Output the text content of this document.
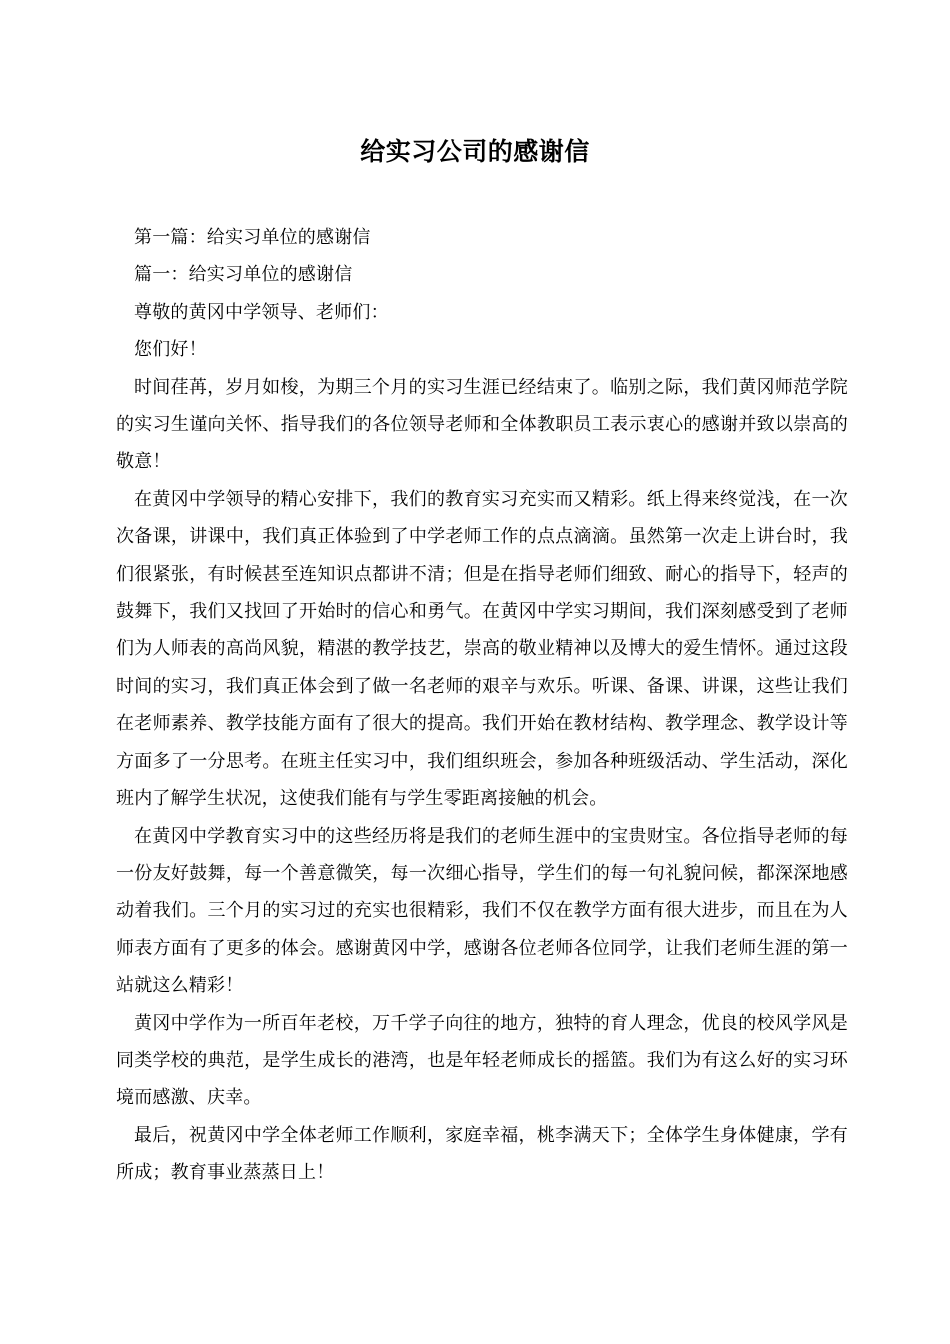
给实习公司的感谢信

第一篇：给实习单位的感谢信

篇一：给实习单位的感谢信

尊敬的黄冈中学领导、老师们：

您们好！

时间荏苒，岁月如梭，为期三个月的实习生涯已经结束了。临别之际，我们黄冈师范学院的实习生谨向关怀、指导我们的各位领导老师和全体教职员工表示衷心的感谢并致以崇高的敬意！

在黄冈中学领导的精心安排下，我们的教育实习充实而又精彩。纸上得来终觉浅，在一次次备课，讲课中，我们真正体验到了中学老师工作的点点滴滴。虽然第一次走上讲台时，我们很紧张，有时候甚至连知识点都讲不清；但是在指导老师们细致、耐心的指导下，轻声的鼓舞下，我们又找回了开始时的信心和勇气。在黄冈中学实习期间，我们深刻感受到了老师们为人师表的高尚风貌，精湛的教学技艺，崇高的敬业精神以及博大的爱生情怀。通过这段时间的实习，我们真正体会到了做一名老师的艰辛与欢乐。听课、备课、讲课，这些让我们在老师素养、教学技能方面有了很大的提高。我们开始在教材结构、教学理念、教学设计等方面多了一分思考。在班主任实习中，我们组织班会，参加各种班级活动、学生活动，深化班内了解学生状况，这使我们能有与学生零距离接触的机会。

在黄冈中学教育实习中的这些经历将是我们的老师生涯中的宝贵财宝。各位指导老师的每一份友好鼓舞，每一个善意微笑，每一次细心指导，学生们的每一句礼貌问候，都深深地感动着我们。三个月的实习过的充实也很精彩，我们不仅在教学方面有很大进步，而且在为人师表方面有了更多的体会。感谢黄冈中学，感谢各位老师各位同学，让我们老师生涯的第一站就这么精彩！

黄冈中学作为一所百年老校，万千学子向往的地方，独特的育人理念，优良的校风学风是同类学校的典范，是学生成长的港湾，也是年轻老师成长的摇篮。我们为有这么好的实习环境而感激、庆幸。

最后，祝黄冈中学全体老师工作顺利，家庭幸福，桃李满天下；全体学生身体健康，学有所成；教育事业蒸蒸日上！
